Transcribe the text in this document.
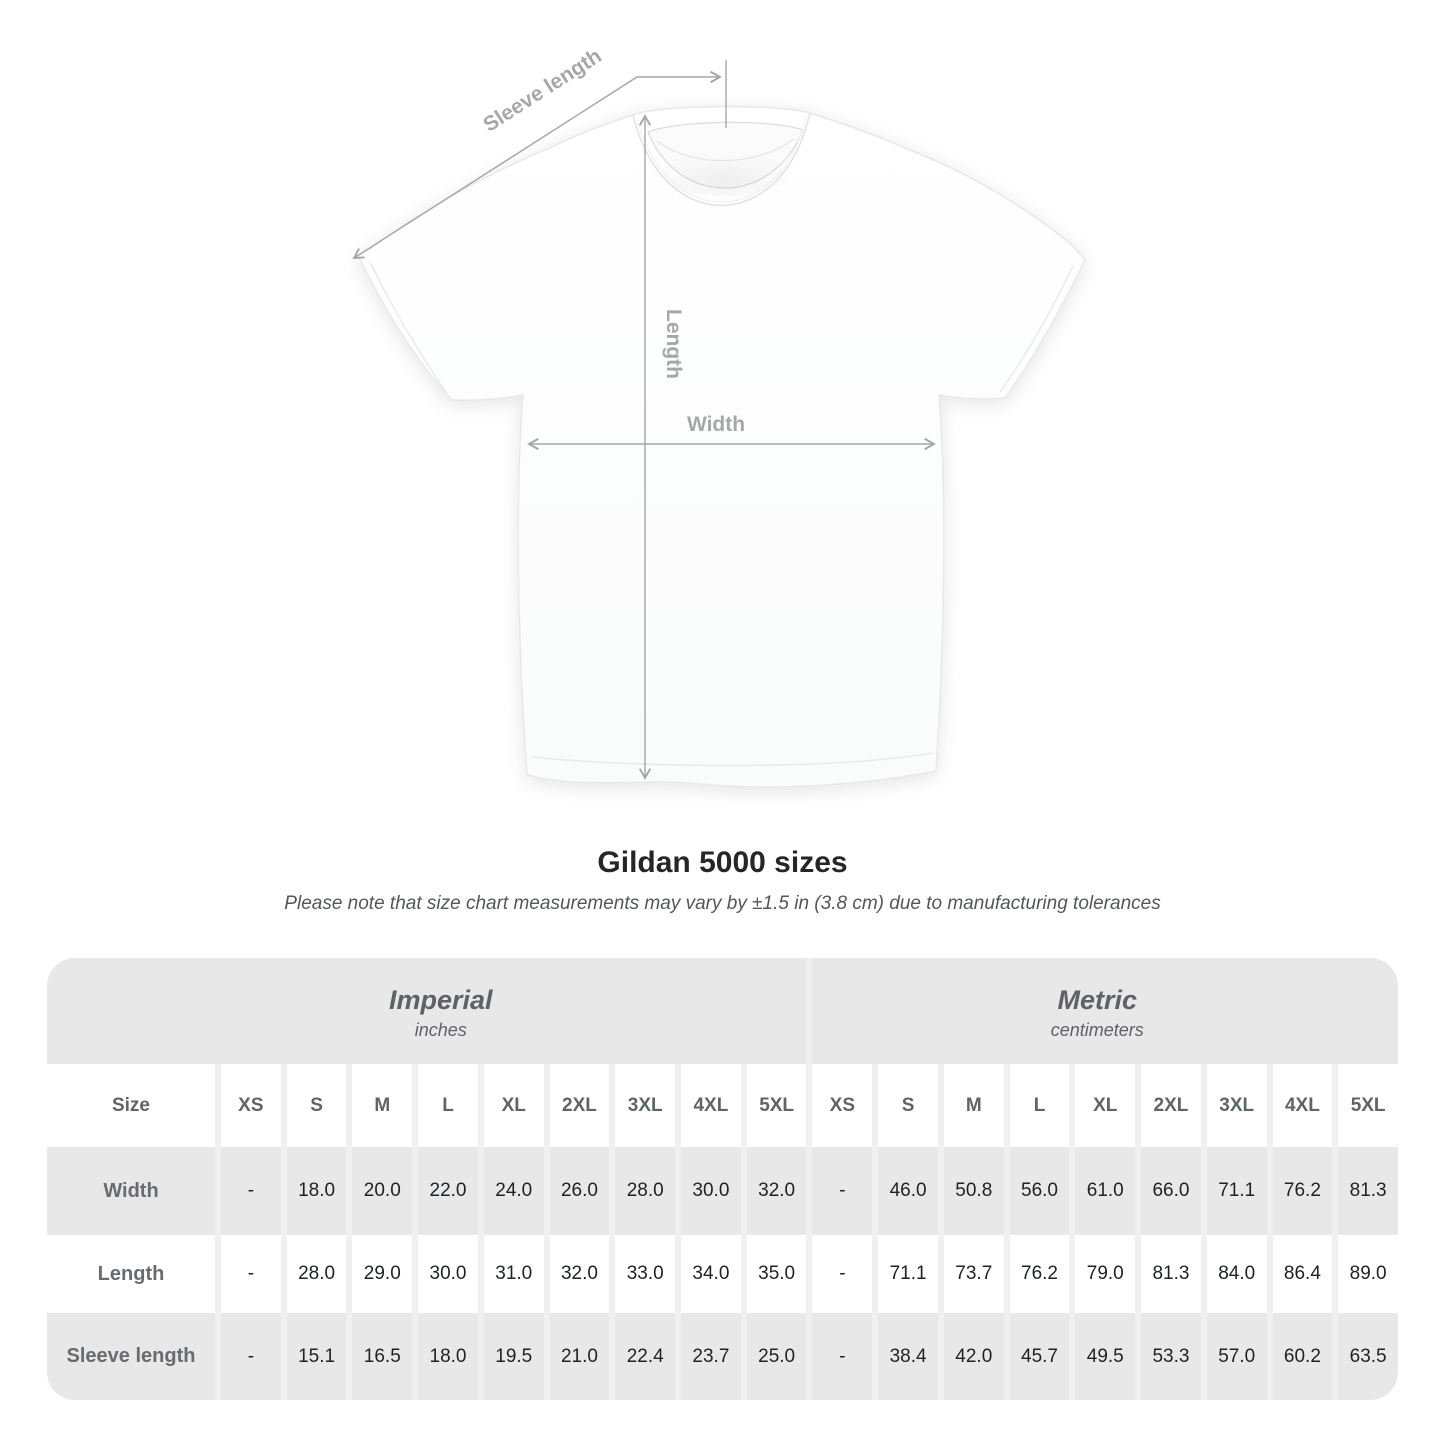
Sleeve length
Length
Width
Gildan 5000 sizes

Please note that size chart measurements may vary by ±1.5 in (3.8 cm) due to manufacturing tolerances

Imperial
inches
Metric
centimeters
Size	XS	S	M	L	XL	2XL	3XL	4XL	5XL	XS	S	M	L	XL	2XL	3XL	4XL	5XL
Width	-	18.0	20.0	22.0	24.0	26.0	28.0	30.0	32.0	-	46.0	50.8	56.0	61.0	66.0	71.1	76.2	81.3
Length	-	28.0	29.0	30.0	31.0	32.0	33.0	34.0	35.0	-	71.1	73.7	76.2	79.0	81.3	84.0	86.4	89.0
Sleeve length	-	15.1	16.5	18.0	19.5	21.0	22.4	23.7	25.0	-	38.4	42.0	45.7	49.5	53.3	57.0	60.2	63.5
